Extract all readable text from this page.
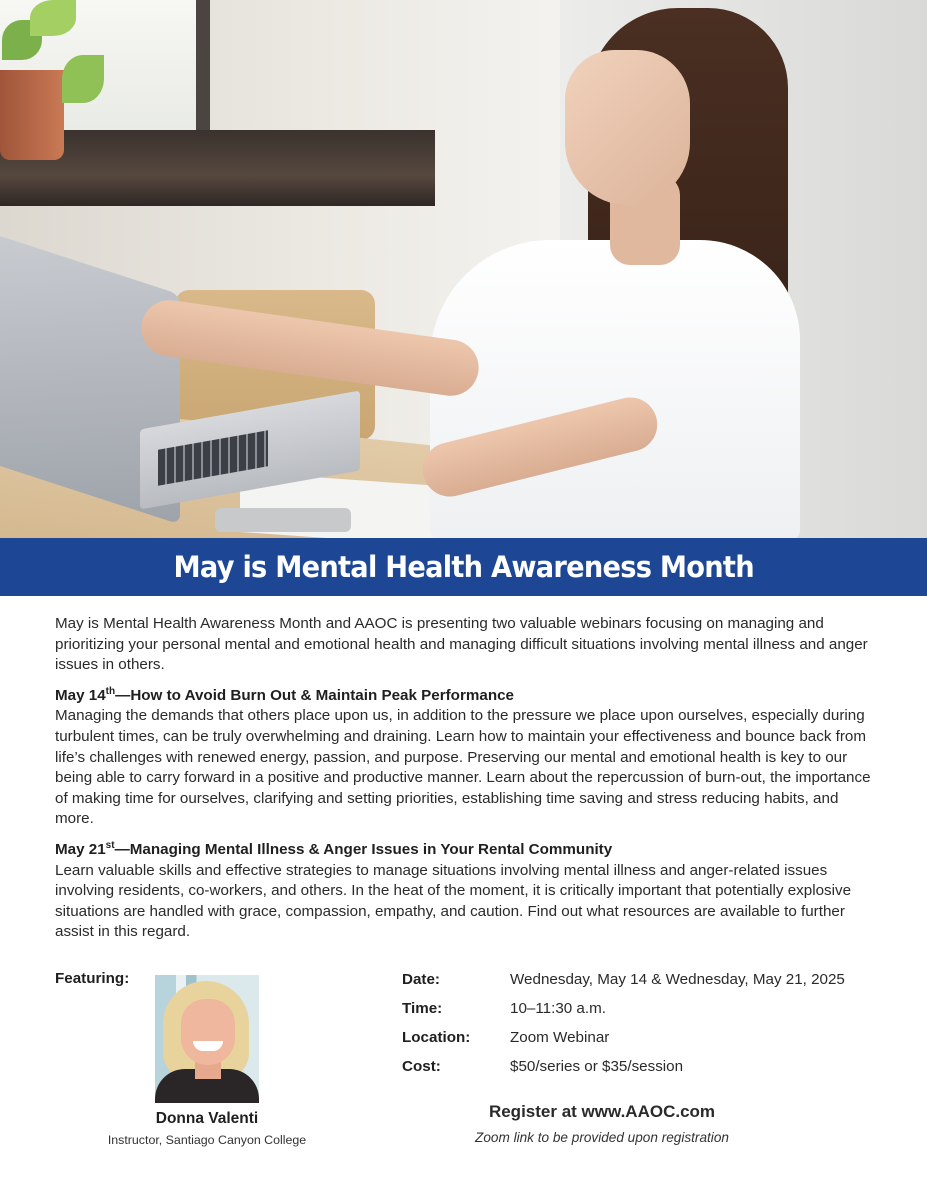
May is Mental Health Awareness Month

May is Mental Health Awareness Month and AAOC is presenting two valuable webinars focusing on managing and prioritizing your personal mental and emotional health and managing difficult situations involving mental illness and anger issues in others.

May 14th—How to Avoid Burn Out & Maintain Peak Performance

Managing the demands that others place upon us, in addition to the pressure we place upon ourselves, especially during turbulent times, can be truly overwhelming and draining. Learn how to maintain your effectiveness and bounce back from life’s challenges with renewed energy, passion, and purpose. Preserving our mental and emotional health is key to our being able to carry forward in a positive and productive manner. Learn about the repercussion of burn-out, the importance of making time for ourselves, clarifying and setting priorities, establishing time saving and stress reducing habits, and more.

May 21st—Managing Mental Illness & Anger Issues in Your Rental Community

Learn valuable skills and effective strategies to manage situations involving mental illness and anger-related issues involving residents, co-workers, and others. In the heat of the moment, it is critically important that potentially explosive situations are handled with grace, compassion, empathy, and caution. Find out what resources are available to further assist in this regard.

Featuring:
Donna Valenti
Instructor, Santiago Canyon College
Date:	Wednesday, May 14 & Wednesday, May 21, 2025
Time:	10–11:30 a.m.
Location:	Zoom Webinar
Cost:	$50/series or $35/session
Register at www.AAOC.com
Zoom link to be provided upon registration
